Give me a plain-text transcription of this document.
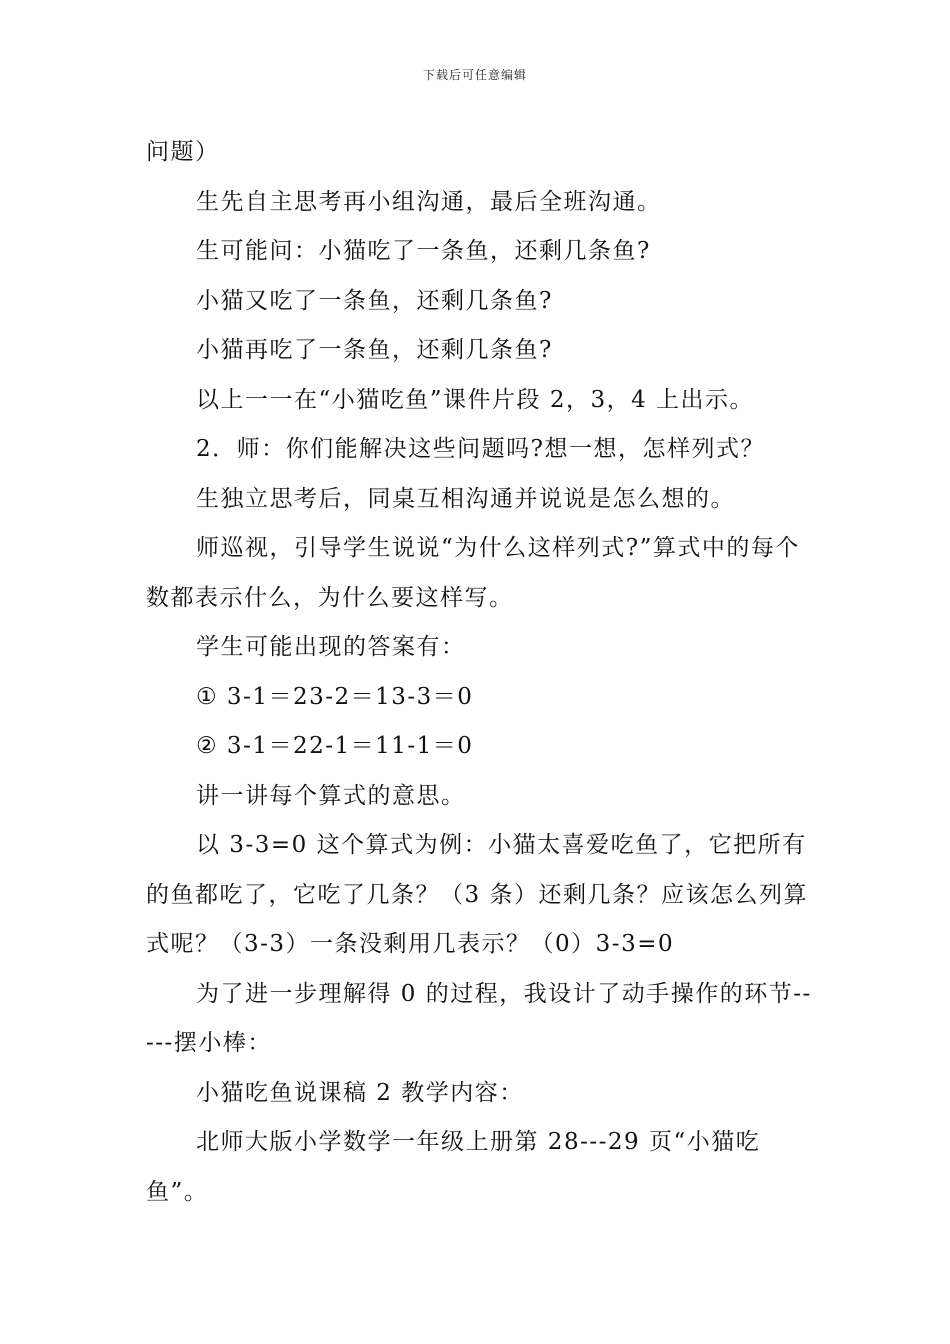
下载后可任意编辑

问题）

生先自主思考再小组沟通，最后全班沟通。

生可能问：小猫吃了一条鱼，还剩几条鱼?

小猫又吃了一条鱼，还剩几条鱼?

小猫再吃了一条鱼，还剩几条鱼?

以上一一在“小猫吃鱼”课件片段 2，3，4 上出示。

2．师：你们能解决这些问题吗?想一想，怎样列式？

生独立思考后，同桌互相沟通并说说是怎么想的。

师巡视，引导学生说说“为什么这样列式?”算式中的每个数都表示什么，为什么要这样写。

学生可能出现的答案有：

① 3-1＝23-2＝13-3＝0

② 3-1＝22-1＝11-1＝0

讲一讲每个算式的意思。

以 3-3=0 这个算式为例：小猫太喜爱吃鱼了，它把所有的鱼都吃了，它吃了几条？（3 条）还剩几条？应该怎么列算式呢？（3-3）一条没剩用几表示？（0）3-3=0

为了进一步理解得 0 的过程，我设计了动手操作的环节-----摆小棒：

小猫吃鱼说课稿 2 教学内容：

北师大版小学数学一年级上册第 28---29 页“小猫吃鱼”。
